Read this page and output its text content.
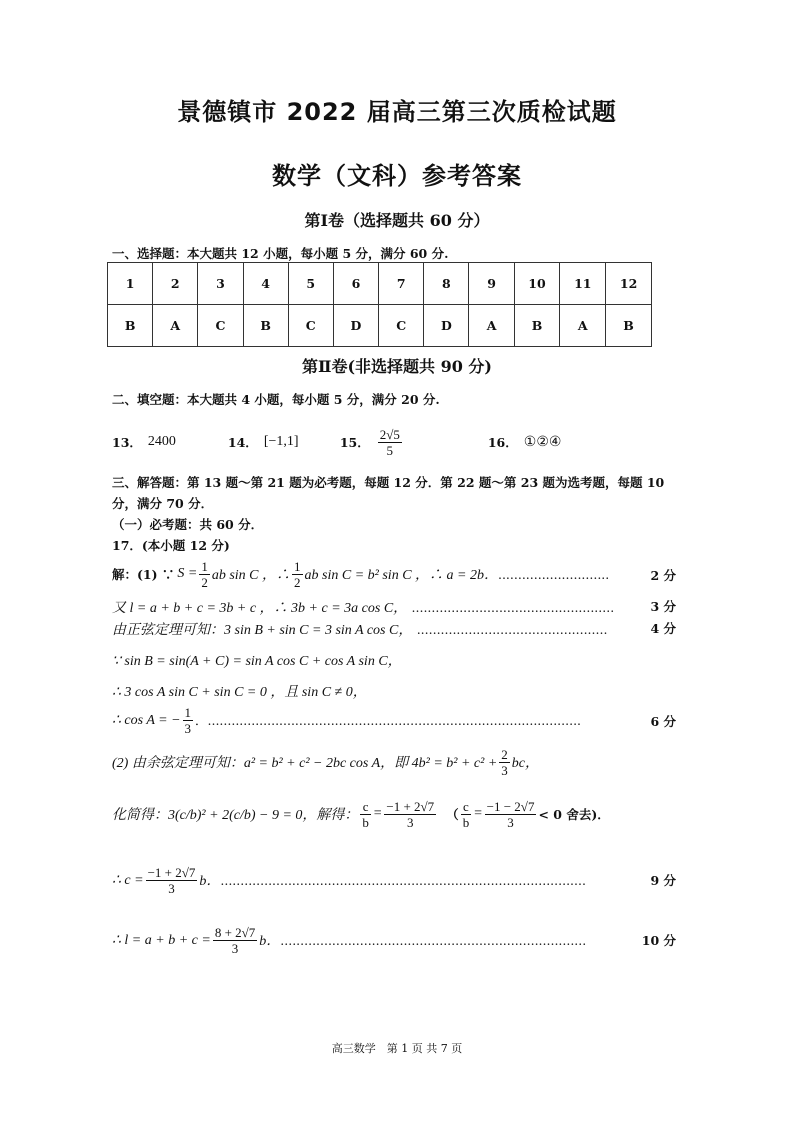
景德镇市 2022 届高三第三次质检试题
数学（文科）参考答案
第Ⅰ卷（选择题共 60 分）
一、选择题：本大题共 12 小题，每小题 5 分，满分 60 分.
1	2	3	4	5	6	7	8	9	10	11	12
B	A	C	B	C	D	C	D	A	B	A	B
第Ⅱ卷(非选择题共 90 分)
二、填空题：本大题共 4 小题，每小题 5 分，满分 20 分.
13． 2400	14． [−1,1]	15． $\frac{2√5}{5}$	16． ①②④
三、解答题：第 13 题～第 21 题为必考题，每题 12 分．第 22 题～第 23 题为选考题，每题 10
分，满分 70 分．
（一）必考题：共 60 分．
17．(本小题 12 分)
解：(1) ∵ $S = \frac{1}{2}$ ab sin C ，∴ $\frac{1}{2}$ ab sin C = b² sin C ，∴ a = 2b． ............................	2 分
又 l = a + b + c = 3b + c ，∴ 3b + c = 3a cos C， ...................................................	3 分
由正弦定理可知：3 sin B + sin C = 3 sin A cos C， ................................................	4 分
∵ sin B = sin(A + C) = sin A cos C + cos A sin C，
∴ 3 cos A sin C + sin C = 0 ，且 sin C ≠ 0，
∴ cos A = − $\frac{1}{3}$ ．..............................................................................................	6 分
(2) 由余弦定理可知：a² = b² + c² − 2bc cos A，即 $4b^2 = b^2 + c^2 + \frac{2}{3}$ bc，
化简得：3(c/b)² + 2(c/b) − 9 = 0，解得： $\frac{c}{b} = \frac{-1 + 2√7}{3}$ （ $\frac{c}{b} = \frac{-1 - 2√7}{3} < 0$ 舍去)．
∴ $c = \frac{-1 + 2√7}{3}$ b． ............................................................................................	9 分
∴ $l = a + b + c = \frac{8 + 2√7}{3}$ b． .............................................................................	10 分
高三数学　第 1 页 共 7 页
